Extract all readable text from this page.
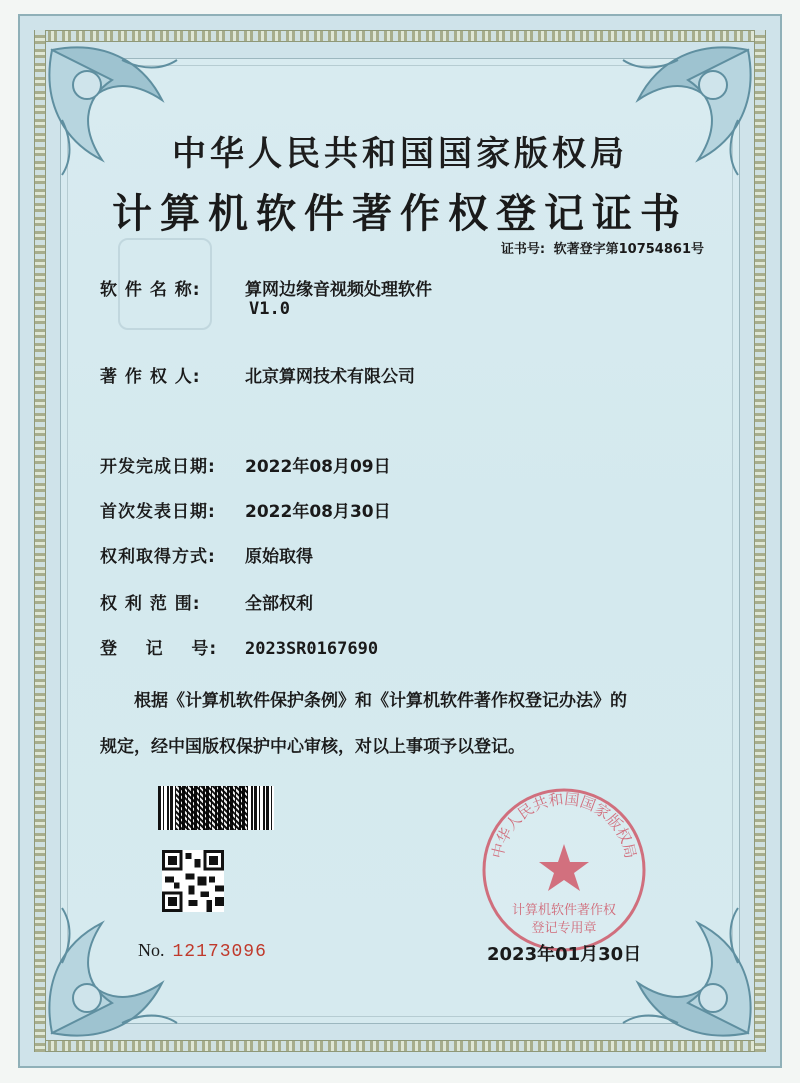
中华人民共和国国家版权局
计算机软件著作权登记证书
证书号: 软著登字第10754861号
软 件 名 称:	算网边缘音视频处理软件
V1.0
著 作 权 人:	北京算网技术有限公司
开发完成日期: 2022年08月09日
首次发表日期: 2022年08月30日
权利取得方式: 原始取得
权 利 范 围:	全部权利
登    记    号: 2023SR0167690
根据《计算机软件保护条例》和《计算机软件著作权登记办法》的
规定，经中国版权保护中心审核，对以上事项予以登记。
No. 12173096
中华人民共和国国家版权局
计算机软件著作权
登记专用章
2023年01月30日
